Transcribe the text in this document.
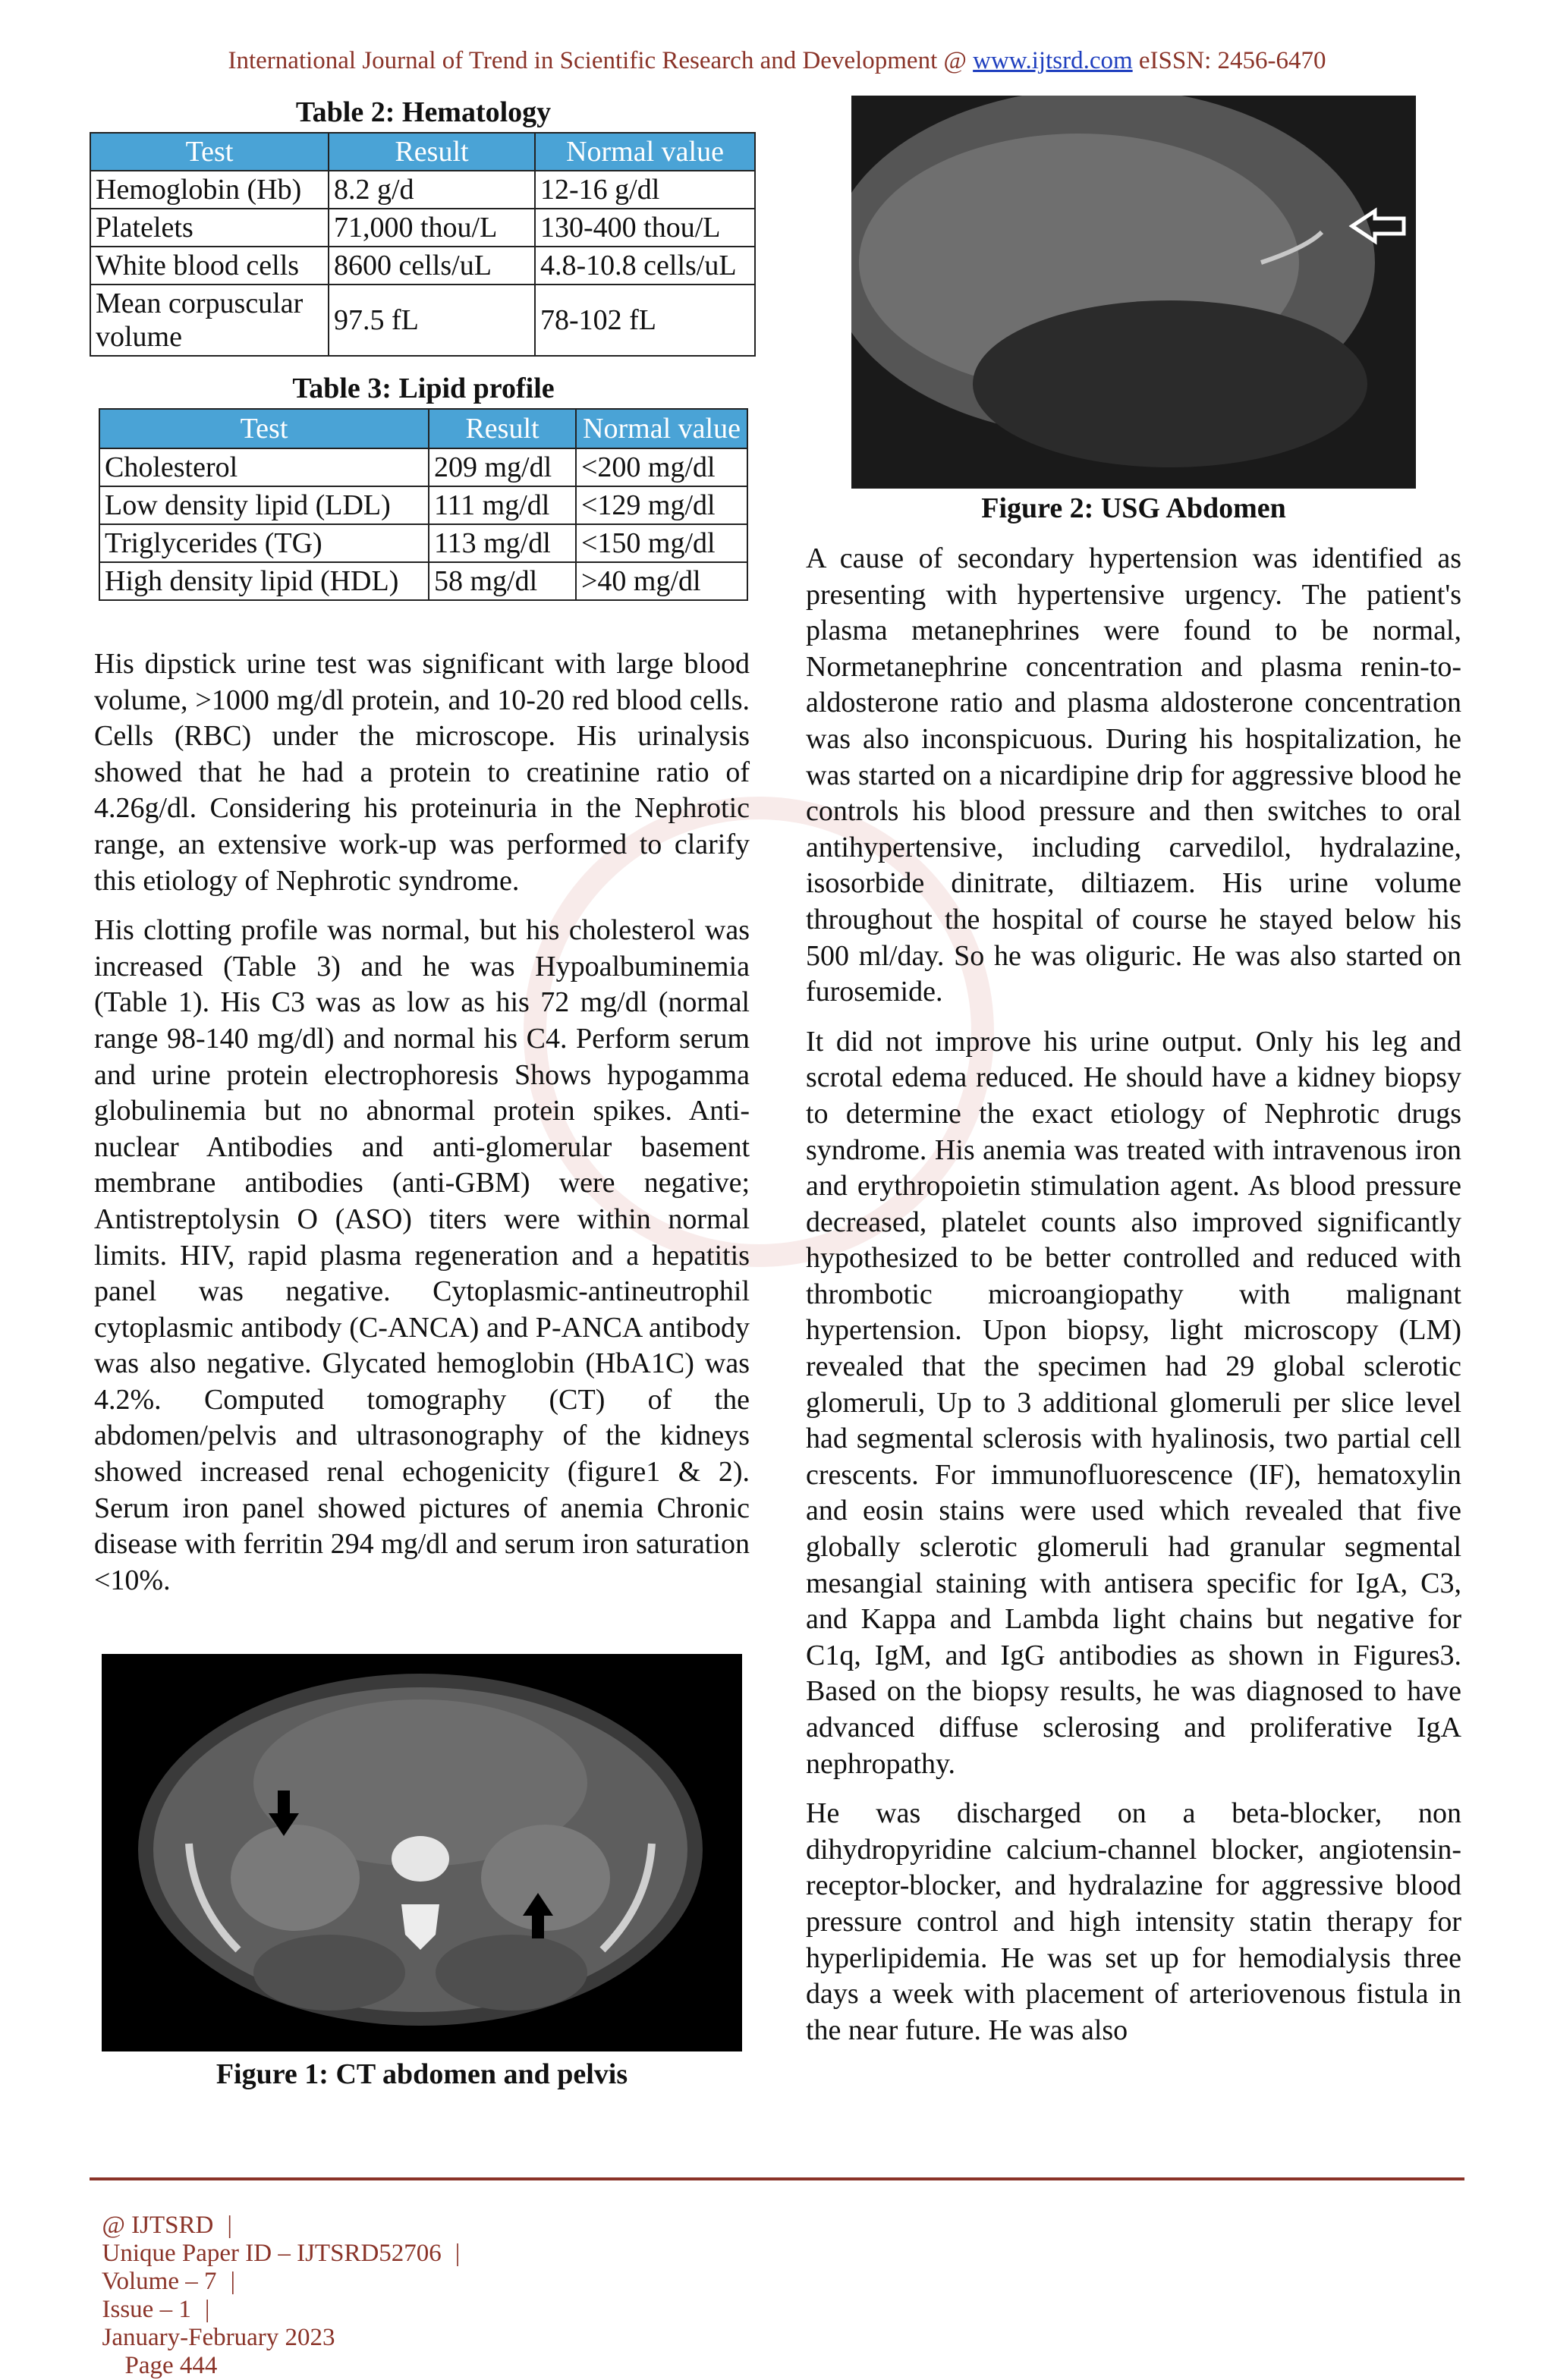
International Journal of Trend in Scientific Research and Development @ www.ijtsrd.com eISSN: 2456-6470
Table 2: Hematology
Test	Result	Normal value
Hemoglobin (Hb)	8.2 g/d	12-16 g/dl
Platelets	71,000 thou/L	130-400 thou/L
White blood cells	8600 cells/uL	4.8-10.8 cells/uL
Mean corpuscular volume	97.5 fL	78-102 fL
Table 3: Lipid profile
Test	Result	Normal value
Cholesterol	209 mg/dl	<200 mg/dl
Low density lipid (LDL)	111 mg/dl	<129 mg/dl
Triglycerides (TG)	113 mg/dl	<150 mg/dl
High density lipid (HDL)	58 mg/dl	>40 mg/dl

His dipstick urine test was significant with large blood volume, >1000 mg/dl protein, and 10-20 red blood cells. Cells (RBC) under the microscope. His urinalysis showed that he had a protein to creatinine ratio of 4.26g/dl. Considering his proteinuria in the Nephrotic range, an extensive work-up was performed to clarify this etiology of Nephrotic syndrome.

His clotting profile was normal, but his cholesterol was increased (Table 3) and he was Hypoalbuminemia (Table 1). His C3 was as low as his 72 mg/dl (normal range 98-140 mg/dl) and normal his C4. Perform serum and urine protein electrophoresis Shows hypogamma globulinemia but no abnormal protein spikes. Anti-nuclear Antibodies and anti-glomerular basement membrane antibodies (anti-GBM) were negative; Antistreptolysin O (ASO) titers were within normal limits. HIV, rapid plasma regeneration and a hepatitis panel was negative. Cytoplasmic-antineutrophil cytoplasmic antibody (C-ANCA) and P-ANCA antibody was also negative. Glycated hemoglobin (HbA1C) was 4.2%. Computed tomography (CT) of the abdomen/pelvis and ultrasonography of the kidneys showed increased renal echogenicity (figure1 & 2). Serum iron panel showed pictures of anemia Chronic disease with ferritin 294 mg/dl and serum iron saturation <10%.

Figure 1: CT abdomen and pelvis
Figure 2: USG Abdomen

A cause of secondary hypertension was identified as presenting with hypertensive urgency. The patient's plasma metanephrines were found to be normal, Normetanephrine concentration and plasma renin-to-aldosterone ratio and plasma aldosterone concentration was also inconspicuous. During his hospitalization, he was started on a nicardipine drip for aggressive blood he controls his blood pressure and then switches to oral antihypertensive, including carvedilol, hydralazine, isosorbide dinitrate, diltiazem. His urine volume throughout the hospital of course he stayed below his 500 ml/day. So he was oliguric. He was also started on furosemide.

It did not improve his urine output. Only his leg and scrotal edema reduced. He should have a kidney biopsy to determine the exact etiology of Nephrotic drugs syndrome. His anemia was treated with intravenous iron and erythropoietin stimulation agent. As blood pressure decreased, platelet counts also improved significantly hypothesized to be better controlled and reduced with thrombotic microangiopathy with malignant hypertension. Upon biopsy, light microscopy (LM) revealed that the specimen had 29 global sclerotic glomeruli, Up to 3 additional glomeruli per slice level had segmental sclerosis with hyalinosis, two partial cell crescents. For immunofluorescence (IF), hematoxylin and eosin stains were used which revealed that five globally sclerotic glomeruli had granular segmental mesangial staining with antisera specific for IgA, C3, and Kappa and Lambda light chains but negative for C1q, IgM, and IgG antibodies as shown in Figures3. Based on the biopsy results, he was diagnosed to have advanced diffuse sclerosing and proliferative IgA nephropathy.

He was discharged on a beta-blocker, non dihydropyridine calcium-channel blocker, angiotensin-receptor-blocker, and hydralazine for aggressive blood pressure control and high intensity statin therapy for hyperlipidemia. He was set up for hemodialysis three days a week with placement of arteriovenous fistula in the near future. He was also

@ IJTSRD |
Unique Paper ID – IJTSRD52706 |
Volume – 7 |
Issue – 1 |
January-February 2023
Page 444
